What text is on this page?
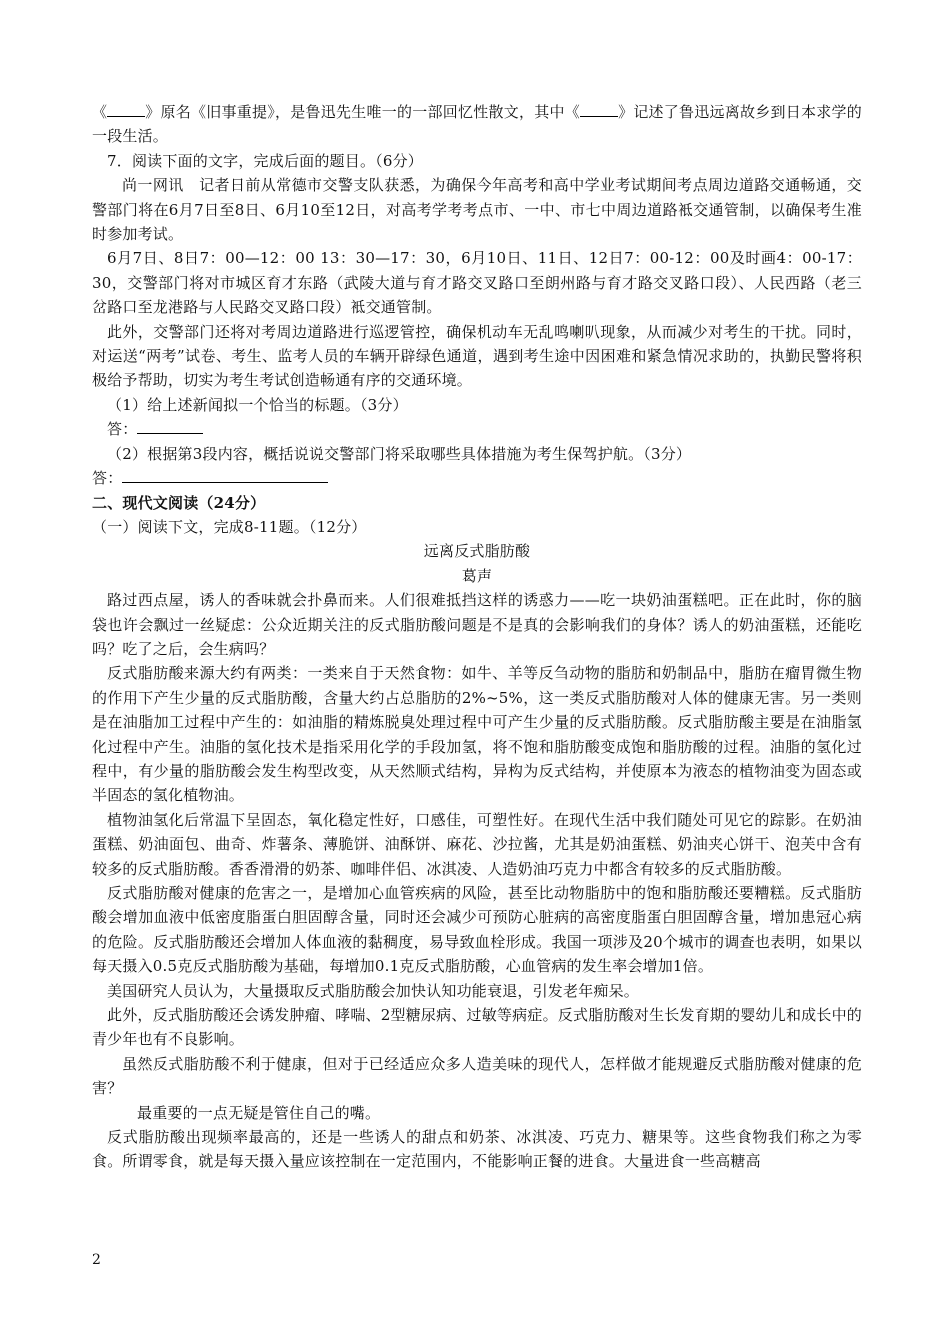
《	》原名《旧事重提》，是鲁迅先生唯一的一部回忆性散文，其中《	》记述了鲁迅远离故乡到日本求学的一段生活。

7．阅读下面的文字，完成后面的题目。（6分）

尚一网讯　记者日前从常德市交警支队获悉，为确保今年高考和高中学业考试期间考点周边道路交通畅通，交警部门将在6月7日至8日、6月10至12日，对高考学考考点市、一中、市七中周边道路袛交通管制，以确保考生准时参加考试。

6月7日、8日7：00—12：00 13：30—17：30，6月10日、11日、12日7：00-12：00及时画4：00-17：30，交警部门将对市城区育才东路（武陵大道与育才路交叉路口至朗州路与育才路交叉路口段）、人民西路（老三岔路口至龙港路与人民路交叉路口段）袛交通管制。

此外，交警部门还将对考周边道路进行巡逻管控，确保机动车无乱鸣喇叭现象，从而减少对考生的干扰。同时，对运送“两考”试卷、考生、监考人员的车辆开辟绿色通道，遇到考生途中因困难和紧急情况求助的，执勤民警将积极给予帮助，切实为考生考试创造畅通有序的交通环境。

（1）给上述新闻拟一个恰当的标题。（3分）

答：

（2）根据第3段内容，概括说说交警部门将采取哪些具体措施为考生保驾护航。（3分）

答：

二、现代文阅读（24分）

（一）阅读下文，完成8-11题。（12分）

远离反式脂肪酸

葛声

路过西点屋，诱人的香味就会扑鼻而来。人们很难抵挡这样的诱惑力——吃一块奶油蛋糕吧。正在此时，你的脑袋也许会飘过一丝疑虑：公众近期关注的反式脂肪酸问题是不是真的会影响我们的身体？诱人的奶油蛋糕，还能吃吗？吃了之后，会生病吗？

反式脂肪酸来源大约有两类：一类来自于天然食物：如牛、羊等反刍动物的脂肪和奶制品中，脂肪在瘤胃微生物的作用下产生少量的反式脂肪酸，含量大约占总脂肪的2%~5%，这一类反式脂肪酸对人体的健康无害。另一类则是在油脂加工过程中产生的：如油脂的精炼脱臭处理过程中可产生少量的反式脂肪酸。反式脂肪酸主要是在油脂氢化过程中产生。油脂的氢化技术是指采用化学的手段加氢，将不饱和脂肪酸变成饱和脂肪酸的过程。油脂的氢化过程中，有少量的脂肪酸会发生构型改变，从天然顺式结构，异构为反式结构，并使原本为液态的植物油变为固态或半固态的氢化植物油。

植物油氢化后常温下呈固态，氧化稳定性好，口感佳，可塑性好。在现代生活中我们随处可见它的踪影。在奶油蛋糕、奶油面包、曲奇、炸薯条、薄脆饼、油酥饼、麻花、沙拉酱，尤其是奶油蛋糕、奶油夹心饼干、泡芙中含有较多的反式脂肪酸。香香滑滑的奶茶、咖啡伴侣、冰淇凌、人造奶油巧克力中都含有较多的反式脂肪酸。

反式脂肪酸对健康的危害之一，是增加心血管疾病的风险，甚至比动物脂肪中的饱和脂肪酸还要糟糕。反式脂肪酸会增加血液中低密度脂蛋白胆固醇含量，同时还会减少可预防心脏病的高密度脂蛋白胆固醇含量，增加患冠心病的危险。反式脂肪酸还会增加人体血液的黏稠度，易导致血栓形成。我国一项涉及20个城市的调查也表明，如果以每天摄入0.5克反式脂肪酸为基础，每增加0.1克反式脂肪酸，心血管病的发生率会增加1倍。

美国研究人员认为，大量摄取反式脂肪酸会加快认知功能衰退，引发老年痴呆。

此外，反式脂肪酸还会诱发肿瘤、哮喘、2型糖尿病、过敏等病症。反式脂肪酸对生长发育期的婴幼儿和成长中的青少年也有不良影响。

虽然反式脂肪酸不利于健康，但对于已经适应众多人造美味的现代人，怎样做才能规避反式脂肪酸对健康的危害？

最重要的一点无疑是管住自己的嘴。

反式脂肪酸出现频率最高的，还是一些诱人的甜点和奶茶、冰淇凌、巧克力、糖果等。这些食物我们称之为零食。所谓零食，就是每天摄入量应该控制在一定范围内，不能影响正餐的进食。大量进食一些高糖高

2
